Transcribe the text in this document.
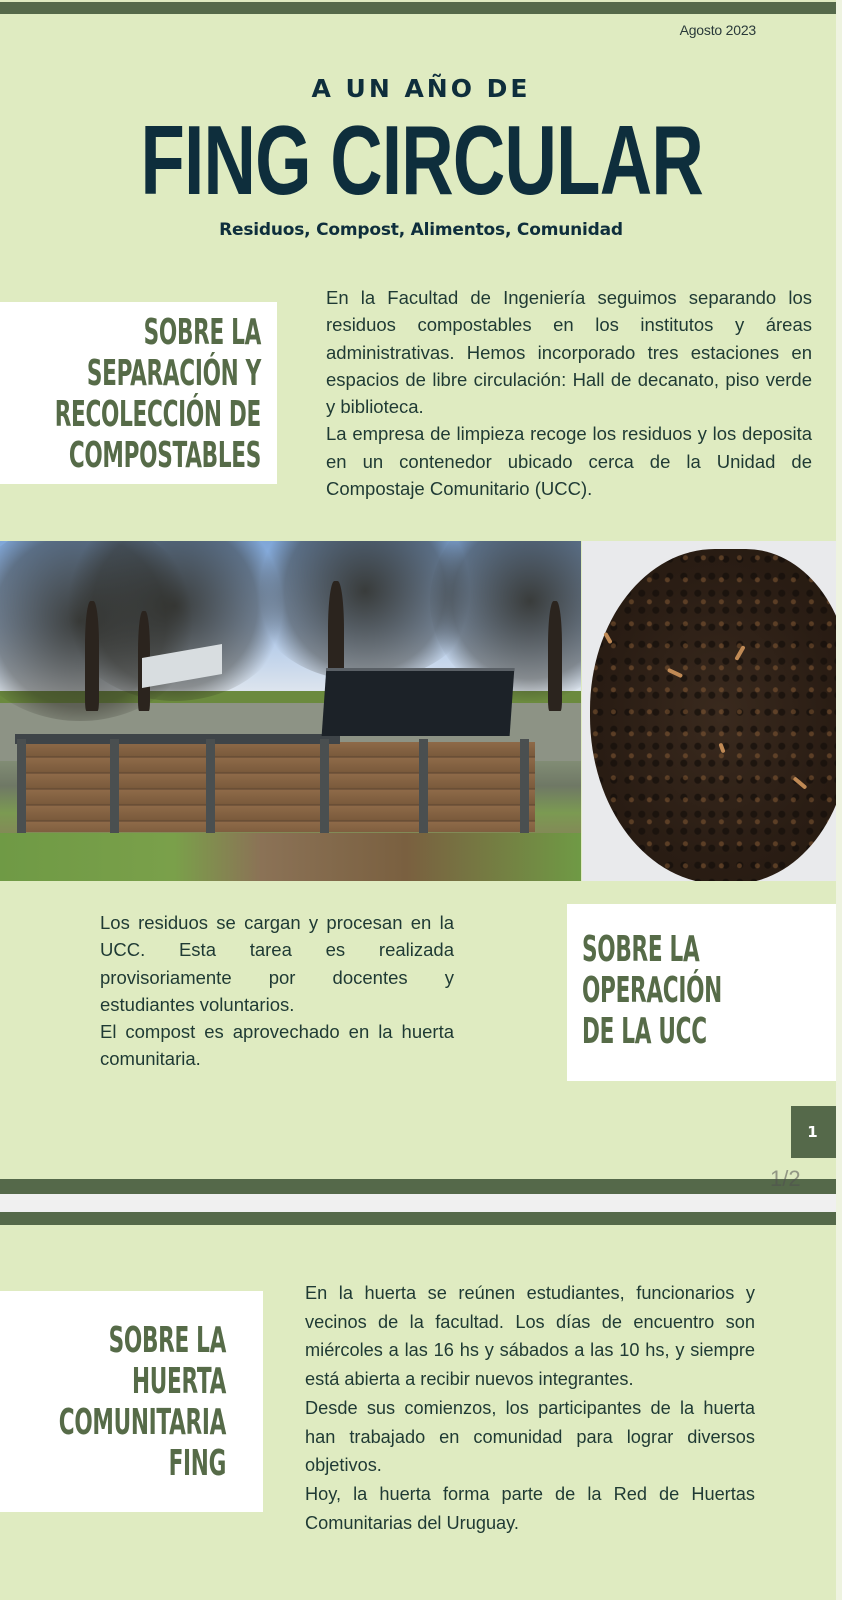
Agosto 2023
A UN AÑO DE
FING CIRCULAR
Residuos, Compost, Alimentos, Comunidad
SOBRE LA
SEPARACIÓN Y
RECOLECCIÓN DE
COMPOSTABLES

En la Facultad de Ingeniería seguimos separando los residuos compostables en los institutos y áreas administrativas. Hemos incorporado tres estaciones en espacios de libre circulación: Hall de decanato, piso verde y biblioteca.

La empresa de limpieza recoge los residuos y los deposita en un contenedor ubicado cerca de la Unidad de Compostaje Comunitario (UCC).

Los residuos se cargan y procesan en la UCC. Esta tarea es realizada provisoriamente por docentes y estudiantes voluntarios.

El compost es aprovechado en la huerta comunitaria.

SOBRE LA
OPERACIÓN
DE LA UCC
1
1/2
SOBRE LA
HUERTA
COMUNITARIA
FING

En la huerta se reúnen estudiantes, funcionarios y vecinos de la facultad. Los días de encuentro son miércoles a las 16 hs y sábados a las 10 hs, y siempre está abierta a recibir nuevos integrantes.

Desde sus comienzos, los participantes de la huerta han trabajado en comunidad para lograr diversos objetivos.

Hoy, la huerta forma parte de la Red de Huertas Comunitarias del Uruguay.
